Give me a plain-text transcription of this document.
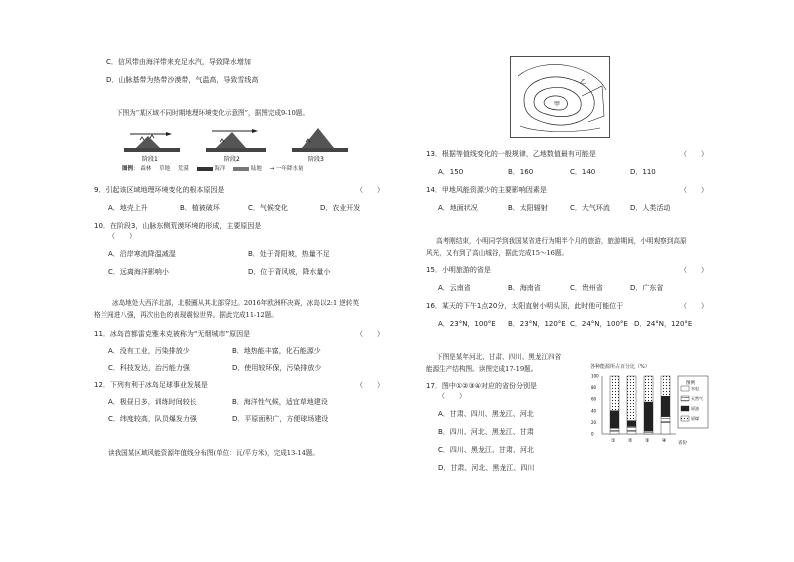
C．信风带由海洋带来充足水汽，导致降水增加
D．山脉基带为热带沙漠带，气温高，导致雪线高
下图为“某区域不同时期地理环境变化示意图”，据图完成9-10题。
阶段1	阶段2	阶段3
图例： 森林 草地 荒漠	海洋	陆地 → 一年降水量
9．引起该区域地理环境变化的根本原因是	（　　）
A．地壳上升	B．植被破坏	C．气候变化	D．农业开发
10．在阶段3，山脉东侧荒漠环境的形成，主要原因是
（　　）
A．沿岸寒流降温减湿	B．处于背阳坡，热量不足
C．远离海洋影响小	D．位于背风坡，降水量小
冰岛地处大西洋北部，北极圈从其北部穿过。2016年欧洲杯决赛，冰岛以2:1 逆转英
格兰闯进八强，再次出色的表现震惊世界。据此完成11-12题。
11．冰岛首都雷克雅未克被称为“无烟城市”原因是	（　　）
A．没有工业，污染排放少	B．地热能丰富，化石能源少
C．科技发达，治污能力强	D．使用较环保，污染排放少
12．下列有利于冰岛足球事业发展是	（　　）
A．极昼日多，训练时间较长	B．海洋性气候，适宜草地建设
C．纬度较高，队员爆发力强	D．平原面积广，方便球场建设
读我国某区域风能资源年值线分布图(单位：瓦/平方米)，完成13-14题。
甲
乙
13．根据等值线变化的一般规律，乙地数值最有可能是	（　　）
A．150	B．160	C．140	D．110
14．甲地风能资源少的主要影响因素是	（　　）
A．地面状况	B．太阳辐射	C．大气环流	D．人类活动
高考刚结束，小明同学到我国某省进行为期半个月的旅游，旅游期间，小明观察到高原
风光，又有到了高山城谷，据此完成15～16题。
15．小明旅游的省是	（　　）
A．云南省	B．海南省	C．贵州省	D．广东省
16．某天的下午1点20分，太阳直射小明头顶，此时他可能位于	（　　）
A．23°N，100°E B．23°N，120°E C．24°N，100°E D．24°N，120°E
下图是某年河北、甘肃、四川、黑龙江四省
能源生产结构图。读图完成17-19题。
17．图中①②③④对应的省份分别是
（　　）
A．甘肃、四川、黑龙江、河北
B．四川、河北、黑龙江、甘肃
C．四川、黑龙江、甘肃、河北
D．甘肃、河北、黑龙江、四川
各种能源所占百分比（%）
100
80
60
40
20
0
①	②	③	④	省份
图例
水电
天然气
原油
原煤
